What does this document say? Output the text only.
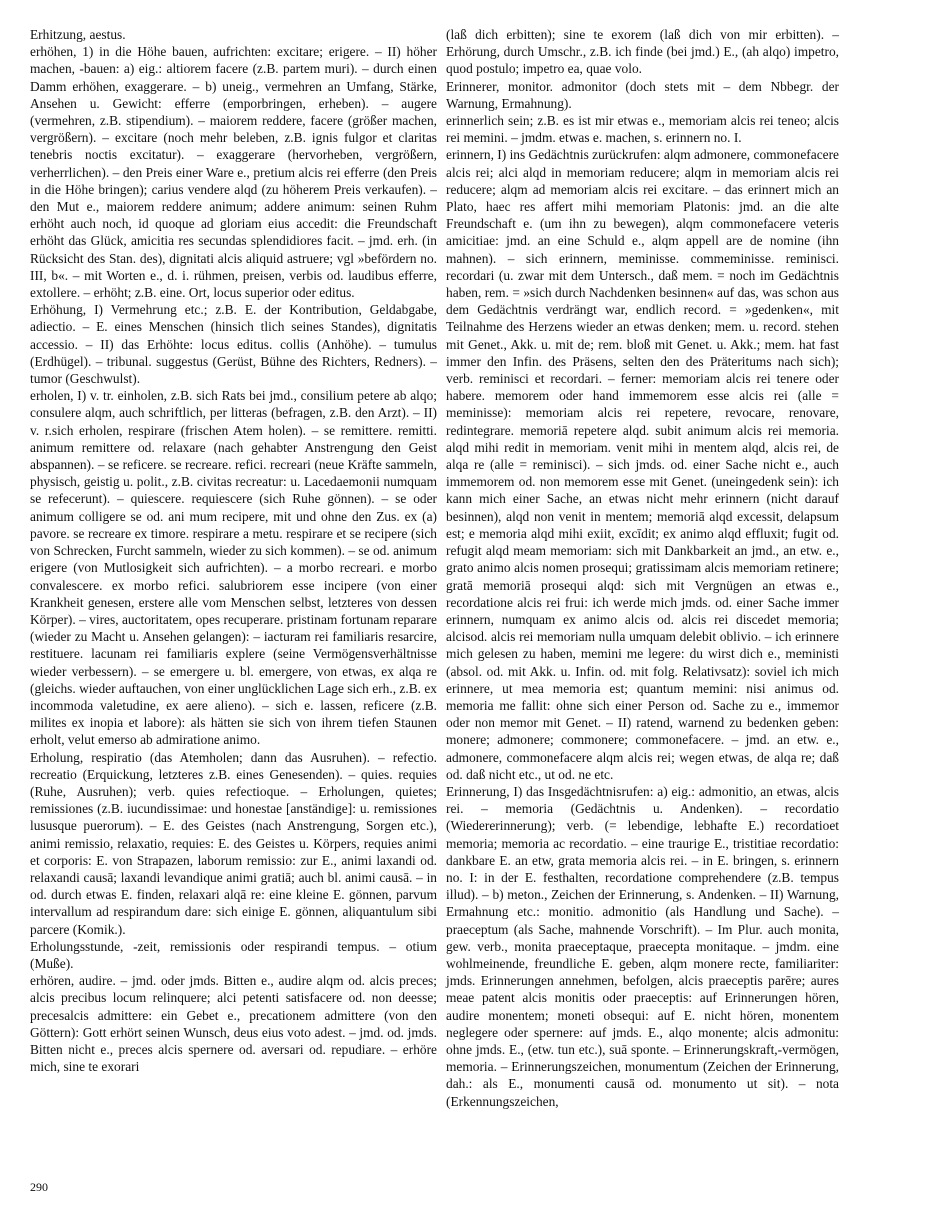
Erhitzung, aestus.

erhöhen, 1) in die Höhe bauen, aufrichten: excitare; erigere. – II) höher machen, -bauen: a) eig.: altiorem facere (z.B. partem muri). – durch einen Damm erhöhen, exaggerare. – b) uneig., vermehren an Umfang, Stärke, Ansehen u. Gewicht: efferre (emporbringen, erheben). – augere (vermehren, z.B. stipendium). – maiorem reddere, facere (größer machen, vergrößern). – excitare (noch mehr beleben, z.B. ignis fulgor et claritas tenebris noctis excitatur). – exaggerare (hervorheben, vergrößern, verherrlichen). – den Preis einer Ware e., pretium alcis rei efferre (den Preis in die Höhe bringen); carius vendere alqd (zu höherem Preis verkaufen). – den Mut e., maiorem reddere animum; addere animum: seinen Ruhm erhöht auch noch, id quoque ad gloriam eius accedit: die Freundschaft erhöht das Glück, amicitia res secundas splendidiores facit. – jmd. erh. (in Rücksicht des Stan. des), dignitati alcis aliquid astruere; vgl »befördern no. III, b«. – mit Worten e., d. i. rühmen, preisen, verbis od. laudibus efferre, extollere. – erhöht; z.B. eine. Ort, locus superior oder editus.

Erhöhung, I) Vermehrung etc.; z.B. E. der Kontribution, Geldabgabe, adiectio. – E. eines Menschen (hinsich tlich seines Standes), dignitatis accessio. – II) das Erhöhte: locus editus. collis (Anhöhe). – tumulus (Erdhügel). – tribunal. suggestus (Gerüst, Bühne des Richters, Redners). – tumor (Geschwulst).

erholen, I) v. tr. einholen, z.B. sich Rats bei jmd., consilium petere ab alqo; consulere alqm, auch schriftlich, per litteras (befragen, z.B. den Arzt). – II) v. r.sich erholen, respirare (frischen Atem holen). – se remittere. remitti. animum remittere od. relaxare (nach gehabter Anstrengung den Geist abspannen). – se reficere. se recreare. refici. recreari (neue Kräfte sammeln, physisch, geistig u. polit., z.B. civitas recreatur: u. Lacedaemonii numquam se refecerunt). – quiescere. requiescere (sich Ruhe gönnen). – se oder animum colligere se od. ani mum recipere, mit und ohne den Zus. ex (a) pavore. se recreare ex timore. respirare a metu. respirare et se recipere (sich von Schrecken, Furcht sammeln, wieder zu sich kommen). – se od. animum erigere (von Mutlosigkeit sich aufrichten). – a morbo recreari. e morbo convalescere. ex morbo refici. salubriorem esse incipere (von einer Krankheit genesen, erstere alle vom Menschen selbst, letzteres von dessen Körper). – vires, auctoritatem, opes recuperare. pristinam fortunam reparare (wieder zu Macht u. Ansehen gelangen): – iacturam rei familiaris resarcire, restituere. lacunam rei familiaris explere (seine Vermögensverhältnisse wieder verbessern). – se emergere u. bl. emergere, von etwas, ex alqa re (gleichs. wieder auftauchen, von einer unglücklichen Lage sich erh., z.B. ex incommoda valetudine, ex aere alieno). – sich e. lassen, reficere (z.B. milites ex inopia et labore): als hätten sie sich von ihrem tiefen Staunen erholt, velut emerso ab admiratione animo.

Erholung, respiratio (das Atemholen; dann das Ausruhen). – refectio. recreatio (Erquickung, letzteres z.B. eines Genesenden). – quies. requies (Ruhe, Ausruhen); verb. quies refectioque. – Erholungen, quietes; remissiones (z.B. iucundissimae: und honestae [anständige]: u. remissiones lususque puerorum). – E. des Geistes (nach Anstrengung, Sorgen etc.), animi remissio, relaxatio, requies: E. des Geistes u. Körpers, requies animi et corporis: E. von Strapazen, laborum remissio: zur E., animi laxandi od. relaxandi causā; laxandi levandique animi gratiā; auch bl. animi causā. – in od. durch etwas E. finden, relaxari alqā re: eine kleine E. gönnen, parvum intervallum ad respirandum dare: sich einige E. gönnen, aliquantulum sibi parcere (Komik.).

Erholungsstunde, -zeit, remissionis oder respirandi tempus. – otium (Muße).

erhören, audire. – jmd. oder jmds. Bitten e., audire alqm od. alcis preces; alcis precibus locum relinquere; alci petenti satisfacere od. non deesse; precesalcis admittere: ein Gebet e., precationem admittere (von den Göttern): Gott erhört seinen Wunsch, deus eius voto adest. – jmd. od. jmds. Bitten nicht e., preces alcis spernere od. aversari od. repudiare. – erhöre mich, sine te exorari

(laß dich erbitten); sine te exorem (laß dich von mir erbitten). – Erhörung, durch Umschr., z.B. ich finde (bei jmd.) E., (ah alqo) impetro, quod postulo; impetro ea, quae volo.

Erinnerer, monitor. admonitor (doch stets mit – dem Nbbegr. der Warnung, Ermahnung).

erinnerlich sein; z.B. es ist mir etwas e., memoriam alcis rei teneo; alcis rei memini. – jmdm. etwas e. machen, s. erinnern no. I.

erinnern, I) ins Gedächtnis zurückrufen: alqm admonere, commonefacere alcis rei; alci alqd in memoriam reducere; alqm in memoriam alcis rei reducere; alqm ad memoriam alcis rei excitare. – das erinnert mich an Plato, haec res affert mihi memoriam Platonis: jmd. an die alte Freundschaft e. (um ihn zu bewegen), alqm commonefacere veteris amicitiae: jmd. an eine Schuld e., alqm appell are de nomine (ihn mahnen). – sich erinnern, meminisse. commeminisse. reminisci. recordari (u. zwar mit dem Untersch., daß mem. = noch im Gedächtnis haben, rem. = »sich durch Nachdenken besinnen« auf das, was schon aus dem Gedächtnis verdrängt war, endlich record. = »gedenken«, mit Teilnahme des Herzens wieder an etwas denken; mem. u. record. stehen mit Genet., Akk. u. mit de; rem. bloß mit Genet. u. Akk.; mem. hat fast immer den Infin. des Präsens, selten den des Präteritums nach sich); verb. reminisci et recordari. – ferner: memoriam alcis rei tenere oder habere. memorem oder hand immemorem esse alcis rei (alle = meminisse): memoriam alcis rei repetere, revocare, renovare, redintegrare. memoriā repetere alqd. subit animum alcis rei memoria. alqd mihi redit in memoriam. venit mihi in mentem alqd, alcis rei, de alqa re (alle = reminisci). – sich jmds. od. einer Sache nicht e., auch immemorem od. non memorem esse mit Genet. (uneingedenk sein): ich kann mich einer Sache, an etwas nicht mehr erinnern (nicht darauf besinnen), alqd non venit in mentem; memoriā alqd excessit, delapsum est; e memoria alqd mihi exiit, excīdit; ex animo alqd effluxit; fugit od. refugit alqd meam memoriam: sich mit Dankbarkeit an jmd., an etw. e., grato animo alcis nomen prosequi; gratissimam alcis memoriam retinere; gratā memoriā prosequi alqd: sich mit Vergnügen an etwas e., recordatione alcis rei frui: ich werde mich jmds. od. einer Sache immer erinnern, numquam ex animo alcis od. alcis rei discedet memoria; alcisod. alcis rei memoriam nulla umquam delebit oblivio. – ich erinnere mich gelesen zu haben, memini me legere: du wirst dich e., meministi (absol. od. mit Akk. u. Infin. od. mit folg. Relativsatz): soviel ich mich erinnere, ut mea memoria est; quantum memini: nisi animus od. memoria me fallit: ohne sich einer Person od. Sache zu e., immemor oder non memor mit Genet. – II) ratend, warnend zu bedenken geben: monere; admonere; commonere; commonefacere. – jmd. an etw. e., admonere, commonefacere alqm alcis rei; wegen etwas, de alqa re; daß od. daß nicht etc., ut od. ne etc.

Erinnerung, I) das Insgedächtnisrufen: a) eig.: admonitio, an etwas, alcis rei. – memoria (Gedächtnis u. Andenken). – recordatio (Wiedererinnerung); verb. (= lebendige, lebhafte E.) recordatioet memoria; memoria ac recordatio. – eine traurige E., tristitiae recordatio: dankbare E. an etw, grata memoria alcis rei. – in E. bringen, s. erinnern no. I: in der E. festhalten, recordatione comprehendere (z.B. tempus illud). – b) meton., Zeichen der Erinnerung, s. Andenken. – II) Warnung, Ermahnung etc.: monitio. admonitio (als Handlung und Sache). – praeceptum (als Sache, mahnende Vorschrift). – Im Plur. auch monita, gew. verb., monita praeceptaque, praecepta monitaque. – jmdm. eine wohlmeinende, freundliche E. geben, alqm monere recte, familiariter: jmds. Erinnerungen annehmen, befolgen, alcis praeceptis parēre; aures meae patent alcis monitis oder praeceptis: auf Erinnerungen hören, audire monentem; moneti obsequi: auf E. nicht hören, monentem neglegere oder spernere: auf jmds. E., alqo monente; alcis admonitu: ohne jmds. E., (etw. tun etc.), suā sponte. – Erinnerungskraft,-vermögen, memoria. – Erinnerungszeichen, monumentum (Zeichen der Erinnerung, dah.: als E., monumenti causā od. monumento ut sit). – nota (Erkennungszeichen,

290
